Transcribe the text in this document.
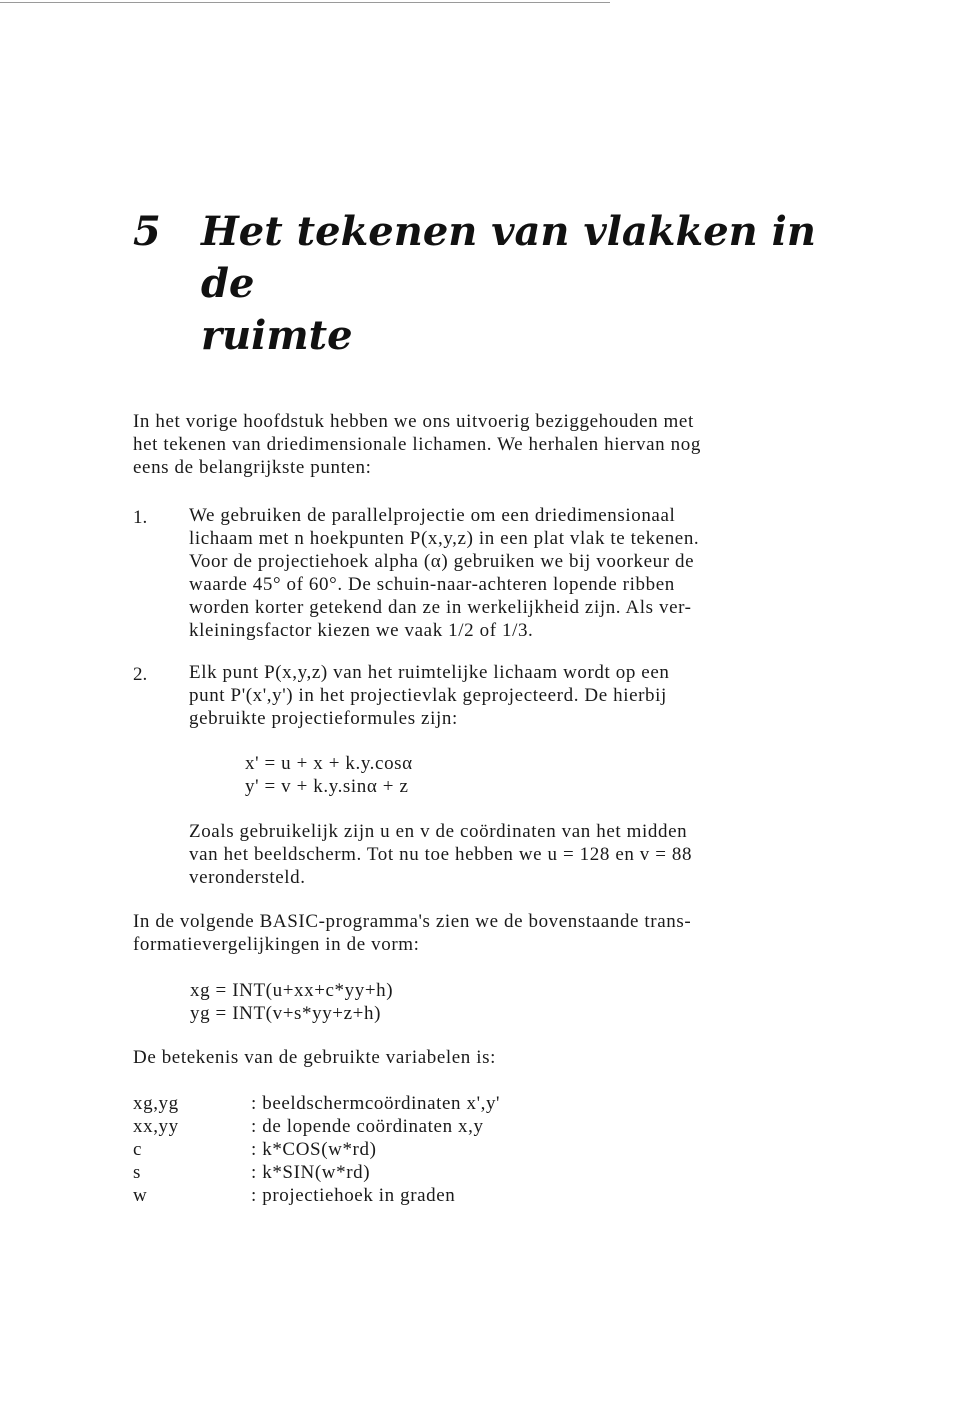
5 Het tekenen van vlakken in de
ruimte
In het vorige hoofdstuk hebben we ons uitvoerig beziggehouden met
het tekenen van driedimensionale lichamen. We herhalen hiervan nog
eens de belangrijkste punten:
1. We gebruiken de parallelprojectie om een driedimensionaal
lichaam met n hoekpunten P(x,y,z) in een plat vlak te tekenen.
Voor de projectiehoek alpha (α) gebruiken we bij voorkeur de
waarde 45° of 60°. De schuin-naar-achteren lopende ribben
worden korter getekend dan ze in werkelijkheid zijn. Als ver-
kleiningsfactor kiezen we vaak 1/2 of 1/3.
2. Elk punt P(x,y,z) van het ruimtelijke lichaam wordt op een
punt P'(x',y') in het projectievlak geprojecteerd. De hierbij
gebruikte projectieformules zijn:
x' = u + x + k.y.cosα
y' = v + k.y.sinα + z
Zoals gebruikelijk zijn u en v de coördinaten van het midden
van het beeldscherm. Tot nu toe hebben we u = 128 en v = 88
verondersteld.
In de volgende BASIC-programma's zien we de bovenstaande trans-
formatievergelijkingen in de vorm:
xg = INT(u+xx+c*yy+h)
yg = INT(v+s*yy+z+h)
De betekenis van de gebruikte variabelen is:
xg,yg	: beeldschermcoördinaten x',y'
xx,yy	: de lopende coördinaten x,y
c	: k*COS(w*rd)
s	: k*SIN(w*rd)
w	: projectiehoek in graden
